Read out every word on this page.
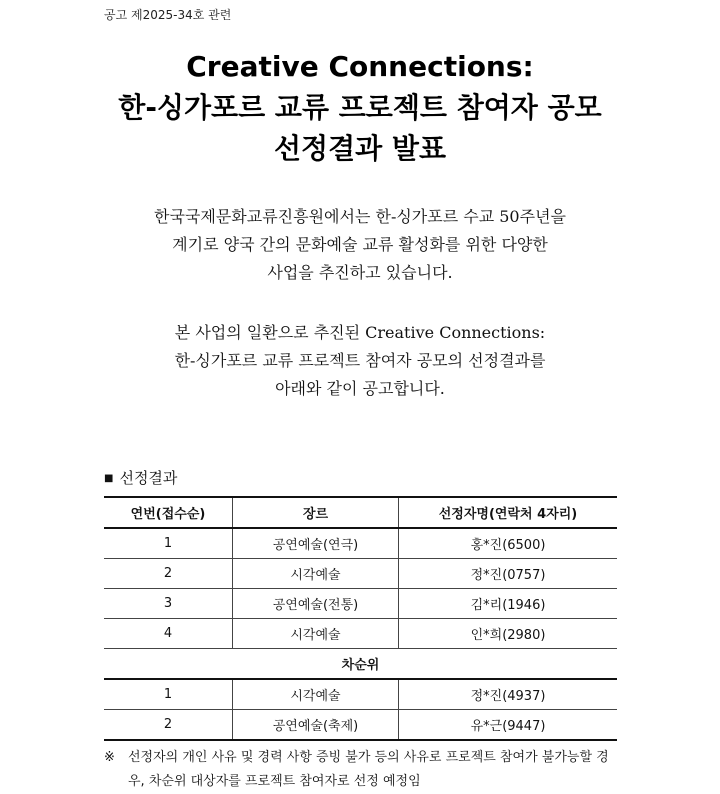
공고 제2025-34호 관련
Creative Connections:
한-싱가포르 교류 프로젝트 참여자 공모
선정결과 발표
한국국제문화교류진흥원에서는 한-싱가포르 수교 50주년을
계기로 양국 간의 문화예술 교류 활성화를 위한 다양한
사업을 추진하고 있습니다.
본 사업의 일환으로 추진된 Creative Connections:
한-싱가포르 교류 프로젝트 참여자 공모의 선정결과를
아래와 같이 공고합니다.
■ 선정결과
연번(접수순)	장르	선정자명(연락처 4자리)
1	공연예술(연극)	홍*진(6500)
2	시각예술	정*진(0757)
3	공연예술(전통)	김*리(1946)
4	시각예술	인*희(2980)
차순위		
1	시각예술	정*진(4937)
2	공연예술(축제)	유*근(9447)
※	선정자의 개인 사유 및 경력 사항 증빙 불가 등의 사유로 프로젝트 참여가 불가능할 경우, 차순위 대상자를 프로젝트 참여자로 선정 예정임
